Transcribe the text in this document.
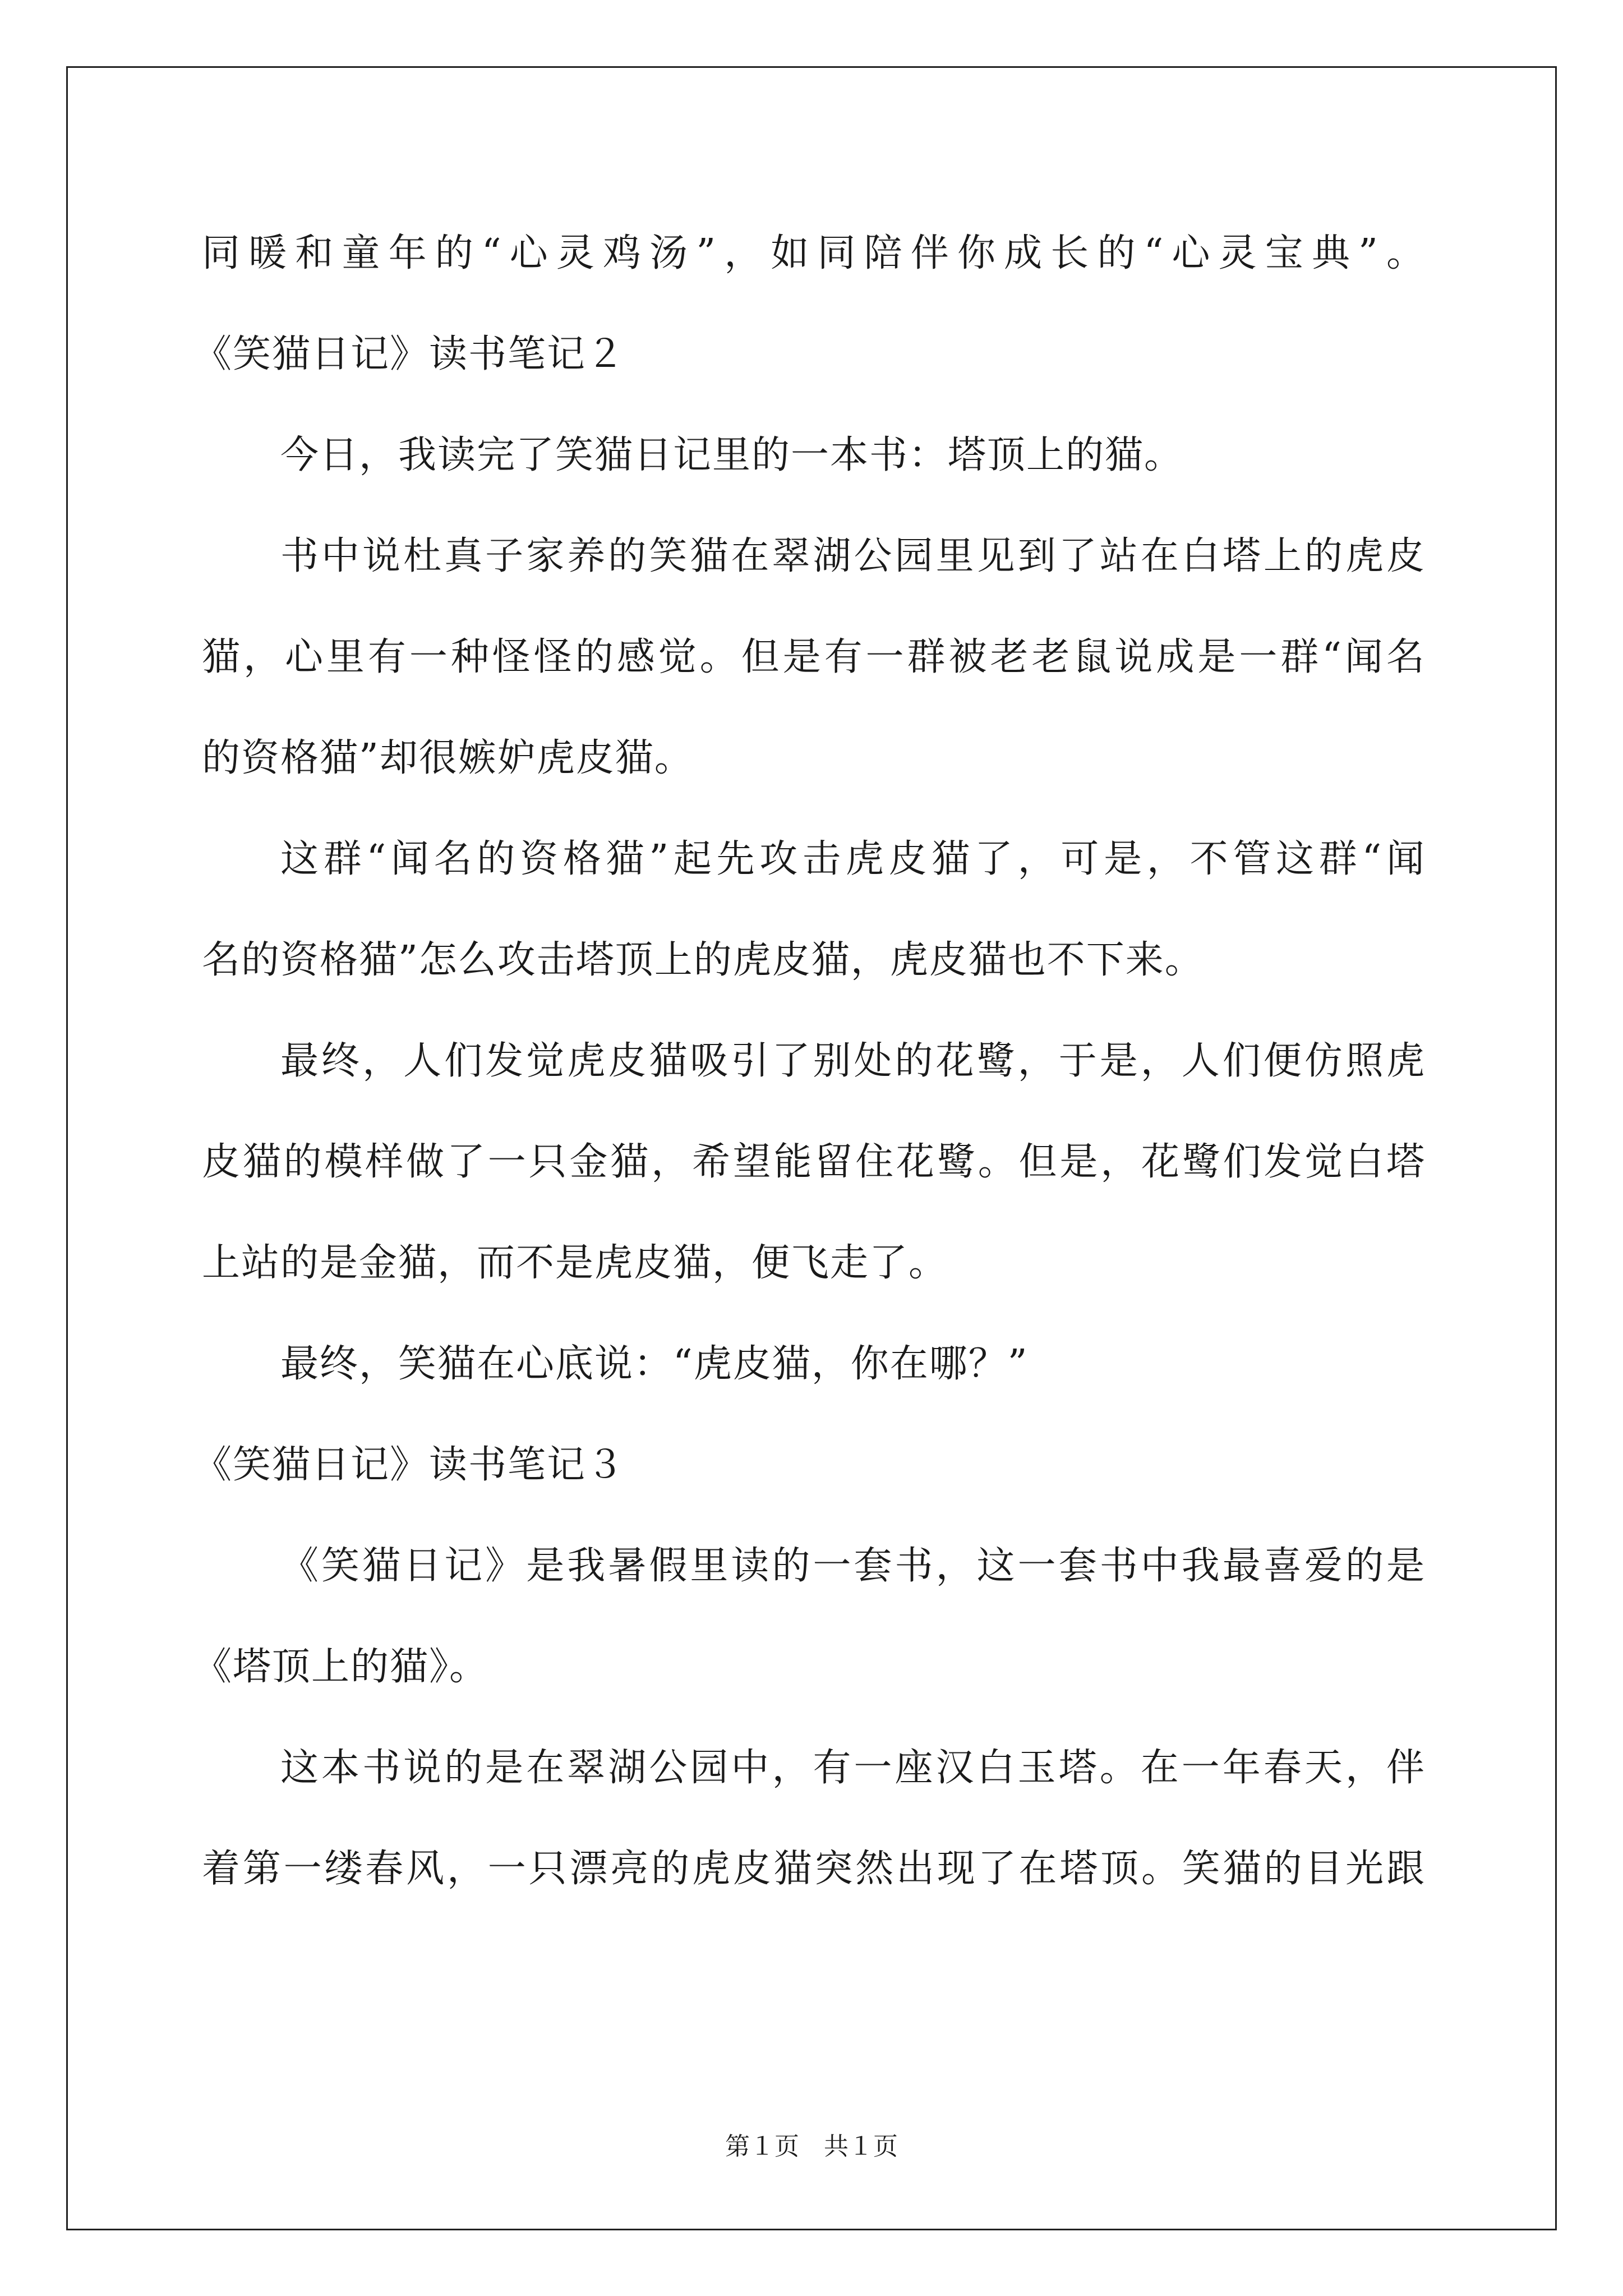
同暖和童年的“心灵鸡汤”，如同陪伴你成长的“心灵宝典”。
《笑猫日记》读书笔记２
今日，我读完了笑猫日记里的一本书：塔顶上的猫。
书中说杜真子家养的笑猫在翠湖公园里见到了站在白塔上的虎皮
猫，心里有一种怪怪的感觉。但是有一群被老老鼠说成是一群“闻名
的资格猫”却很嫉妒虎皮猫。
这群“闻名的资格猫”起先攻击虎皮猫了，可是，不管这群“闻
名的资格猫”怎么攻击塔顶上的虎皮猫，虎皮猫也不下来。
最终，人们发觉虎皮猫吸引了别处的花鹭，于是，人们便仿照虎
皮猫的模样做了一只金猫，希望能留住花鹭。但是，花鹭们发觉白塔
上站的是金猫，而不是虎皮猫，便飞走了。
最终，笑猫在心底说：“虎皮猫，你在哪？”
《笑猫日记》读书笔记３
《笑猫日记》是我暑假里读的一套书，这一套书中我最喜爱的是
《塔顶上的猫》。
这本书说的是在翠湖公园中，有一座汉白玉塔。在一年春天，伴
着第一缕春风，一只漂亮的虎皮猫突然出现了在塔顶。笑猫的目光跟
第１页　共１页
